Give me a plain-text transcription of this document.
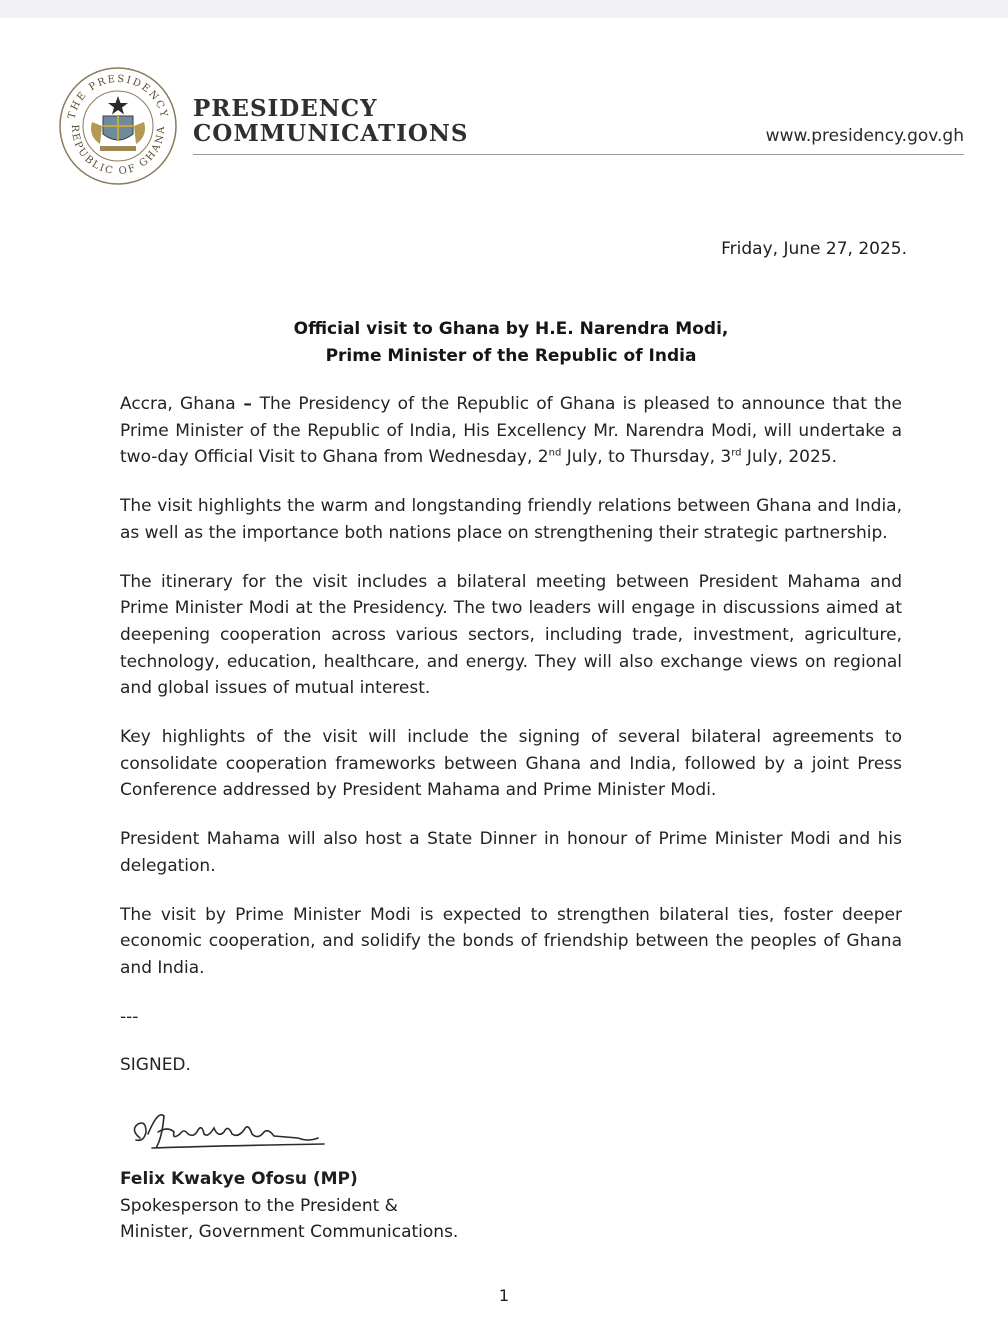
THE PRESIDENCY
REPUBLIC OF GHANA
PRESIDENCY
COMMUNICATIONS	www.presidency.gov.gh
Friday, June 27, 2025.
Official visit to Ghana by H.E. Narendra Modi,
Prime Minister of the Republic of India

Accra, Ghana – The Presidency of the Republic of Ghana is pleased to announce that the Prime Minister of the Republic of India, His Excellency Mr. Narendra Modi, will undertake a two-day Official Visit to Ghana from Wednesday, 2nd July, to Thursday, 3rd July, 2025.

The visit highlights the warm and longstanding friendly relations between Ghana and India, as well as the importance both nations place on strengthening their strategic partnership.

The itinerary for the visit includes a bilateral meeting between President Mahama and Prime Minister Modi at the Presidency. The two leaders will engage in discussions aimed at deepening cooperation across various sectors, including trade, investment, agriculture, technology, education, healthcare, and energy. They will also exchange views on regional and global issues of mutual interest.

Key highlights of the visit will include the signing of several bilateral agreements to consolidate cooperation frameworks between Ghana and India, followed by a joint Press Conference addressed by President Mahama and Prime Minister Modi.

President Mahama will also host a State Dinner in honour of Prime Minister Modi and his delegation.

The visit by Prime Minister Modi is expected to strengthen bilateral ties, foster deeper economic cooperation, and solidify the bonds of friendship between the peoples of Ghana and India.

---

SIGNED.

Felix Kwakye Ofosu (MP)
Spokesperson to the President &
Minister, Government Communications.
1
